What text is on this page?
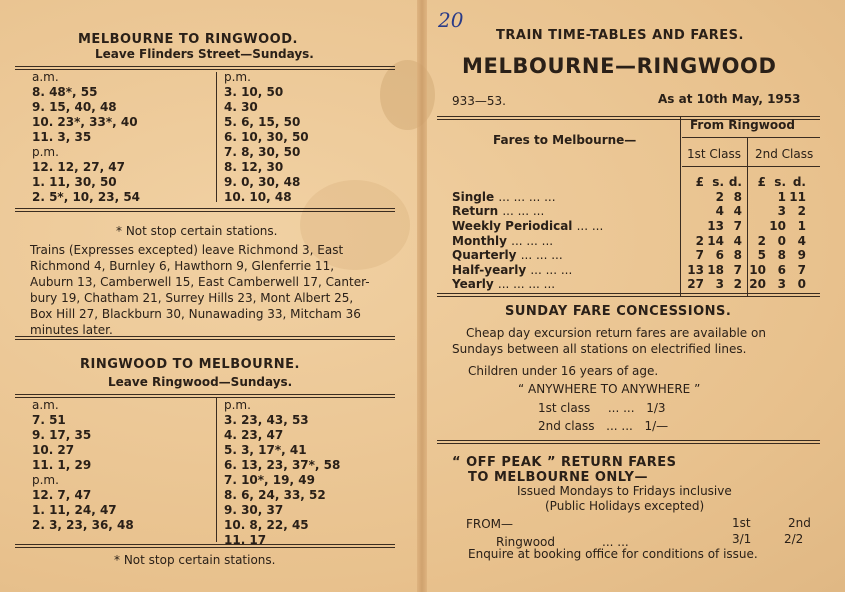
MELBOURNE TO RINGWOOD.
Leave Flinders Street—Sundays.
a.m.
8. 48*, 55
9. 15, 40, 48
10. 23*, 33*, 40
11. 3, 35
p.m.
12. 12, 27, 47
1. 11, 30, 50
2. 5*, 10, 23, 54
p.m.
3. 10, 50
4. 30
5. 6, 15, 50
6. 10, 30, 50
7. 8, 30, 50
8. 12, 30
9. 0, 30, 48
10. 10, 48
* Not stop certain stations.
Trains (Expresses excepted) leave Richmond 3, East
Richmond 4, Burnley 6, Hawthorn 9, Glenferrie 11,
Auburn 13, Camberwell 15, East Camberwell 17, Canter-
bury 19, Chatham 21, Surrey Hills 23, Mont Albert 25,
Box Hill 27, Blackburn 30, Nunawading 33, Mitcham 36
minutes later.
RINGWOOD TO MELBOURNE.
Leave Ringwood—Sundays.
a.m.
7. 51
9. 17, 35
10. 27
11. 1, 29
p.m.
12. 7, 47
1. 11, 24, 47
2. 3, 23, 36, 48
p.m.
3. 23, 43, 53
4. 23, 47
5. 3, 17*, 41
6. 13, 23, 37*, 58
7. 10*, 19, 49
8. 6, 24, 33, 52
9. 30, 37
10. 8, 22, 45
11. 17
* Not stop certain stations.
20
TRAIN TIME-TABLES AND FARES.
MELBOURNE—RINGWOOD
933—53.	As at 10th May, 1953
Fares to Melbourne—
From Ringwood
1st Class 2nd Class
	£	s.	d.	£	s.	d.
Single ... ... ... ...		2	8		1	11
Return ... ... ...		4	4		3	2
Weekly Periodical ... ...		13	7		10	1
Monthly ... ... ...	2	14	4	2	0	4
Quarterly ... ... ...	7	6	8	5	8	9
Half-yearly ... ... ...	13	18	7	10	6	7
Yearly ... ... ... ...	27	3	2	20	3	0
SUNDAY FARE CONCESSIONS.
Cheap day excursion return fares are available on
Sundays between all stations on electrified lines.
Children under 16 years of age.
“ ANYWHERE TO ANYWHERE ”
1st class ... ... 1/3
2nd class ... ... 1/—
“ OFF PEAK ” RETURN FARES
TO MELBOURNE ONLY—
Issued Mondays to Fridays inclusive
(Public Holidays excepted)
FROM—	1st	2nd
Ringwood	... ...	3/1	2/2
Enquire at booking office for conditions of issue.
